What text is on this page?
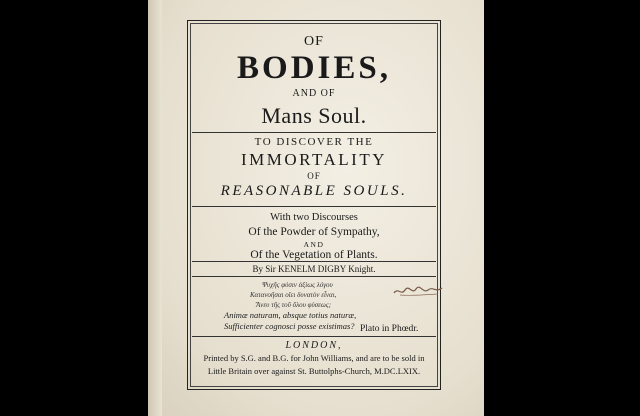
OF
BODIES,
AND OF
Mans Soul.
TO DISCOVER THE
IMMORTALITY
OF
REASONABLE SOULS.
With two Discourses
Of the Powder of Sympathy,
AND
Of the Vegetation of Plants.
By Sir KENELM DIGBY Knight.
Ψυχῆς φύσιν ἀξίως λόγου
Κατανοῆσαι οἴει δυνατὸν εἶναι,
Ἄνευ τῆς τοῦ ὅλου φύσεως;
Animæ naturam, absque totius naturæ,
Sufficienter cognosci posse existimas? Plato in Phœdr.
LONDON,
Printed by S.G. and B.G. for John Williams, and are to be sold in
Little Britain over against St. Buttolphs-Church, M.DC.LXIX.
